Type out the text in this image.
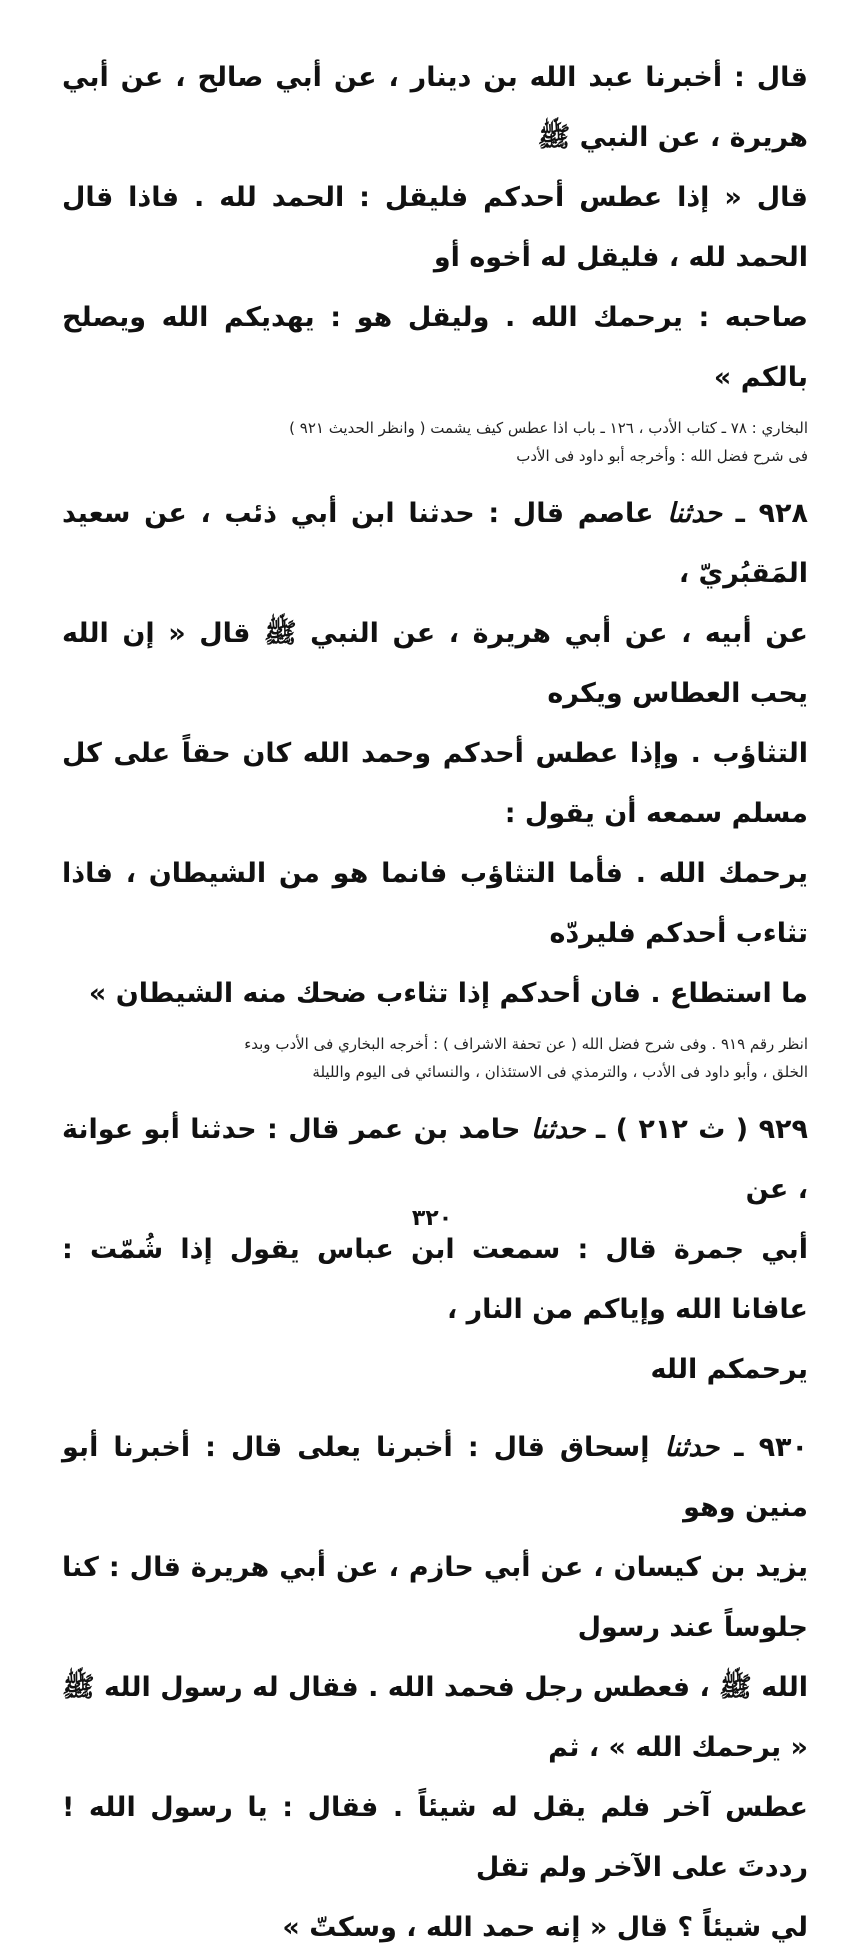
قال : أخبرنا عبد الله بن دينار ، عن أبي صالح ، عن أبي هريرة ، عن النبي ﷺ

قال « إذا عطس أحدكم فليقل : الحمد لله . فاذا قال الحمد لله ، فليقل له أخوه أو

صاحبه : يرحمك الله . وليقل هو : يهديكم الله ويصلح بالكم »

البخاري : ٧٨ ـ كتاب الأدب ، ١٢٦ ـ باب اذا عطس كيف يشمت ( وانظر الحديث ٩٢١ )
فى شرح فضل الله : وأخرجه أبو داود فى الأدب

٩٢٨ ـ حدثنا عاصم قال : حدثنا ابن أبي ذئب ، عن سعيد المَقبُريّ ،

عن أبيه ، عن أبي هريرة ، عن النبي ﷺ قال « إن الله يحب العطاس ويكره

التثاؤب . وإذا عطس أحدكم وحمد الله كان حقاً على كل مسلم سمعه أن يقول :

يرحمك الله . فأما التثاؤب فانما هو من الشيطان ، فاذا تثاءب أحدكم فليردّه

ما استطاع . فان أحدكم إذا تثاءب ضحك منه الشيطان »

انظر رقم ٩١٩ . وفى شرح فضل الله ( عن تحفة الاشراف ) : أخرجه البخاري فى الأدب وبدء
الخلق ، وأبو داود فى الأدب ، والترمذي فى الاستئذان ، والنسائي فى اليوم والليلة

٩٢٩ ( ث ٢١٢ ) ـ حدثنا حامد بن عمر قال : حدثنا أبو عوانة ، عن

أبي جمرة قال : سمعت ابن عباس يقول إذا شُمّت : عافانا الله وإياكم من النار ،

يرحمكم الله

٩٣٠ ـ حدثنا إسحاق قال : أخبرنا يعلى قال : أخبرنا أبو منين وهو

يزيد بن كيسان ، عن أبي حازم ، عن أبي هريرة قال : كنا جلوساً عند رسول

الله ﷺ ، فعطس رجل فحمد الله . فقال له رسول الله ﷺ « يرحمك الله » ، ثم

عطس آخر فلم يقل له شيئاً . فقال : يا رسول الله ! رددتَ على الآخر ولم تقل

لي شيئاً ؟ قال « إنه حمد الله ، وسكتّ »

٣٢٠
